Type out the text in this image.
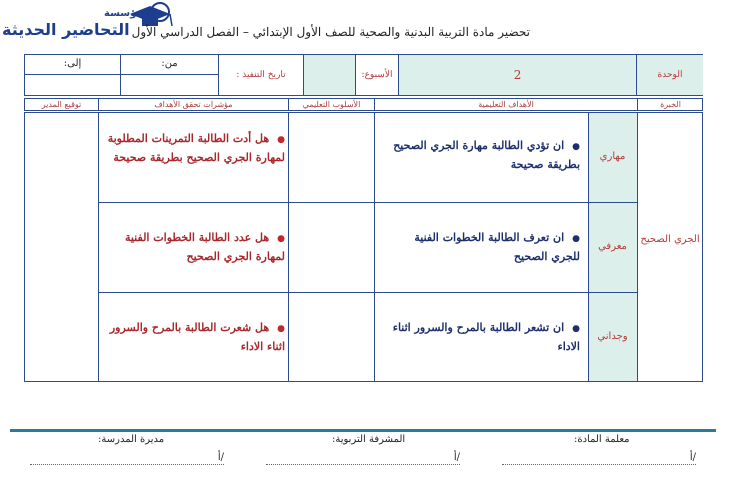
مؤسسة
التحاضير الحديثة تحضير مادة التربية البدنية والصحية للصف الأول الإبتدائي – الفصل الدراسي الأول
الوحدة
2
الأسبوع:
تاريخ التنفيذ :
من:
إلى:
الخبرة
الأهداف التعليمية
الأسلوب التعليمي
مؤشرات تحقق الأهداف
توقيع المدير
الجري الصحيح
مهاري
معرفي
وجداني
● ان تؤدي الطالبة مهارة الجري الصحيح بطريقة صحيحة
● ان تعرف الطالبة الخطوات الفنية للجري الصحيح
● ان تشعر الطالبة بالمرح والسرور اثناء الاداء
● هل أدت الطالبة التمرينات المطلوبة لمهارة الجري الصحيح بطريقة صحيحة
● هل عدد الطالبة الخطوات الفنية لمهارة الجري الصحيح
● هل شعرت الطالبة بالمرح والسرور اثناء الاداء
معلمة المادة:
المشرفة التربوية:
مديرة المدرسة:
أ/
أ/
أ/
